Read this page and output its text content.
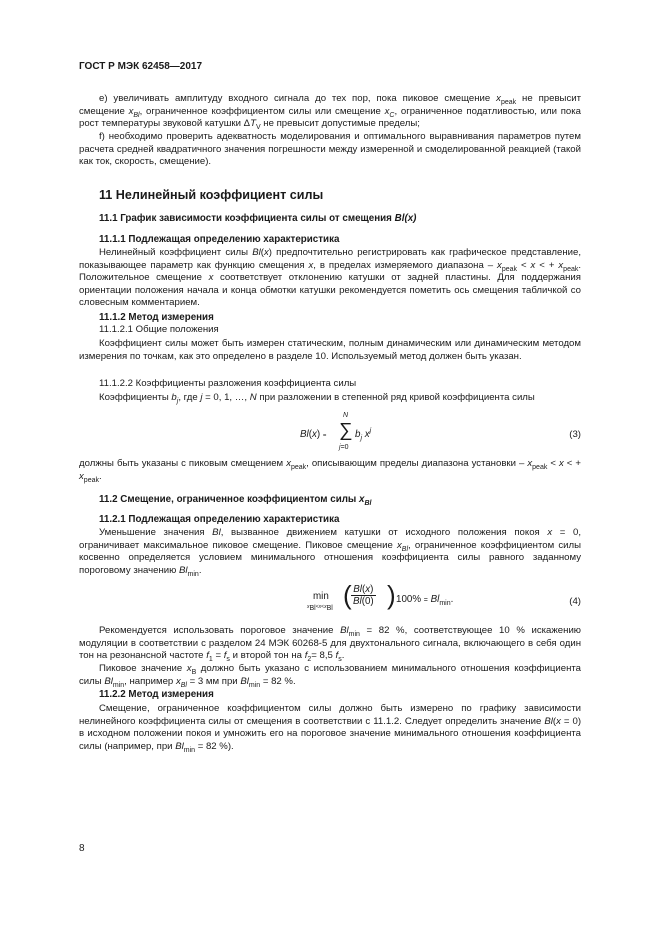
ГОСТ Р МЭК 62458—2017
е) увеличивать амплитуду входного сигнала до тех пор, пока пиковое смещение $x_{peak}$ не превысит смещение $x_{Bl}$, ограниченное коэффициентом силы или смещение $x_C$, ограниченное податливостью, или пока рост температуры звуковой катушки $\Delta T_V$ не превысит допустимые пределы;
f) необходимо проверить адекватность моделирования и оптимального выравнивания параметров путем расчета средней квадратичного значения погрешности между измеренной и смоделированной реакцией (такой как ток, скорость, смещение).
11 Нелинейный коэффициент силы
11.1 График зависимости коэффициента силы от смещения Bl(x)
11.1.1 Подлежащая определению характеристика
Нелинейный коэффициент силы Bl(x) предпочтительно регистрировать как графическое представление, показывающее параметр как функцию смещения x, в пределах измеряемого диапазона – $x_{peak} < x$ < + $x_{peak}$. Положительное смещение x соответствует отклонению катушки от задней пластины. Для поддержания ориентации положения начала и конца обмотки катушки рекомендуется пометить ось смещения табличкой со словесным комментарием.
11.1.2 Метод измерения
11.1.2.1 Общие положения
Коэффициент силы может быть измерен статическим, полным динамическим или динамическим методом измерения по точкам, как это определено в разделе 10. Используемый метод должен быть указан.
11.1.2.2 Коэффициенты разложения коэффициента силы
Коэффициенты $b_j$, где j = 0, 1, …, N при разложении в степенной ряд кривой коэффициента силы
Bl(x) =
N
∑
j=0
$b_j$ $x^j$	(3)
должны быть указаны с пиковым смещением $x_{peak}$, описывающим пределы диапазона установки – $x_{peak} < x$ < + $x_{peak}$.
11.2 Смещение, ограниченное коэффициентом силы $x_{Bl}$
11.2.1 Подлежащая определению характеристика
Уменьшение значения Bl, вызванное движением катушки от исходного положения покоя x = 0, ограничивает максимальное пиковое смещение. Пиковое смещение $x_{Bl}$, ограниченное коэффициентом силы косвенно определяется условием минимального отношения коэффициента силы равного заданному пороговому значению $Bl_{min}$.
min
$x_{Bl}<x<x_{Bl}$ ( $\frac{Bl(x)}{Bl(0)}$ ) $100\% = Bl_{min}$.	(4)
Рекомендуется использовать пороговое значение $Bl_{min} = 82$ %, соответствующее 10 % искажению модуляции в соответствии с разделом 24 МЭК 60268-5 для двухтонального сигнала, включающего в себя один тон на резонансной частоте $f_1 = f_s$ и второй тон на $f_2= 8,5$ $f_s$.
Пиковое значение $x_B$ должно быть указано с использованием минимального отношения коэффициента силы $Bl_{min}$, например $x_{Bl} = 3$ мм при $Bl_{min} = 82$ %.
11.2.2 Метод измерения
Смещение, ограниченное коэффициентом силы должно быть измерено по графику зависимости нелинейного коэффициента силы от смещения в соответствии с 11.1.2. Следует определить значение Bl(x = 0) в исходном положении покоя и умножить его на пороговое значение минимального отношения коэффициента силы (например, при $Bl_{min} = 82$ %).
8
